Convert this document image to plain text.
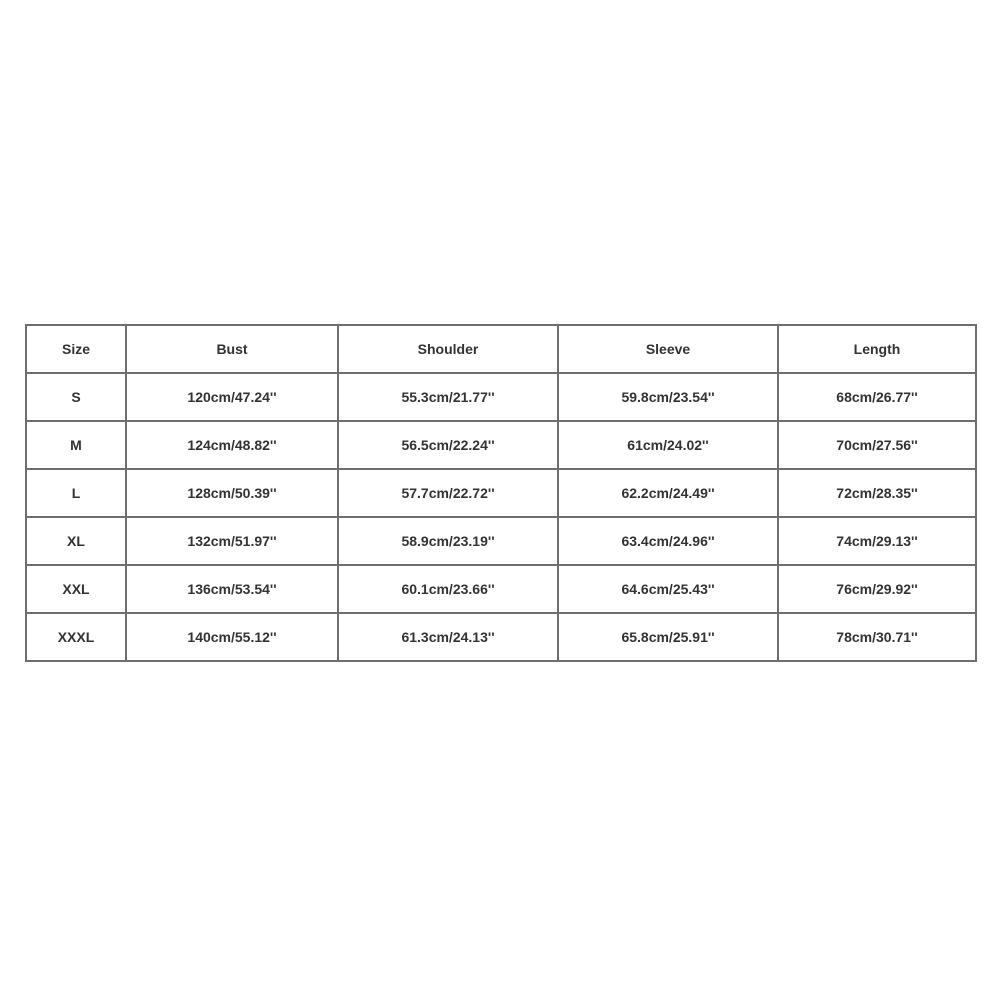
Size	Bust	Shoulder	Sleeve	Length
S	120cm/47.24''	55.3cm/21.77''	59.8cm/23.54''	68cm/26.77''
M	124cm/48.82''	56.5cm/22.24''	61cm/24.02''	70cm/27.56''
L	128cm/50.39''	57.7cm/22.72''	62.2cm/24.49''	72cm/28.35''
XL	132cm/51.97''	58.9cm/23.19''	63.4cm/24.96''	74cm/29.13''
XXL	136cm/53.54''	60.1cm/23.66''	64.6cm/25.43''	76cm/29.92''
XXXL	140cm/55.12''	61.3cm/24.13''	65.8cm/25.91''	78cm/30.71''
